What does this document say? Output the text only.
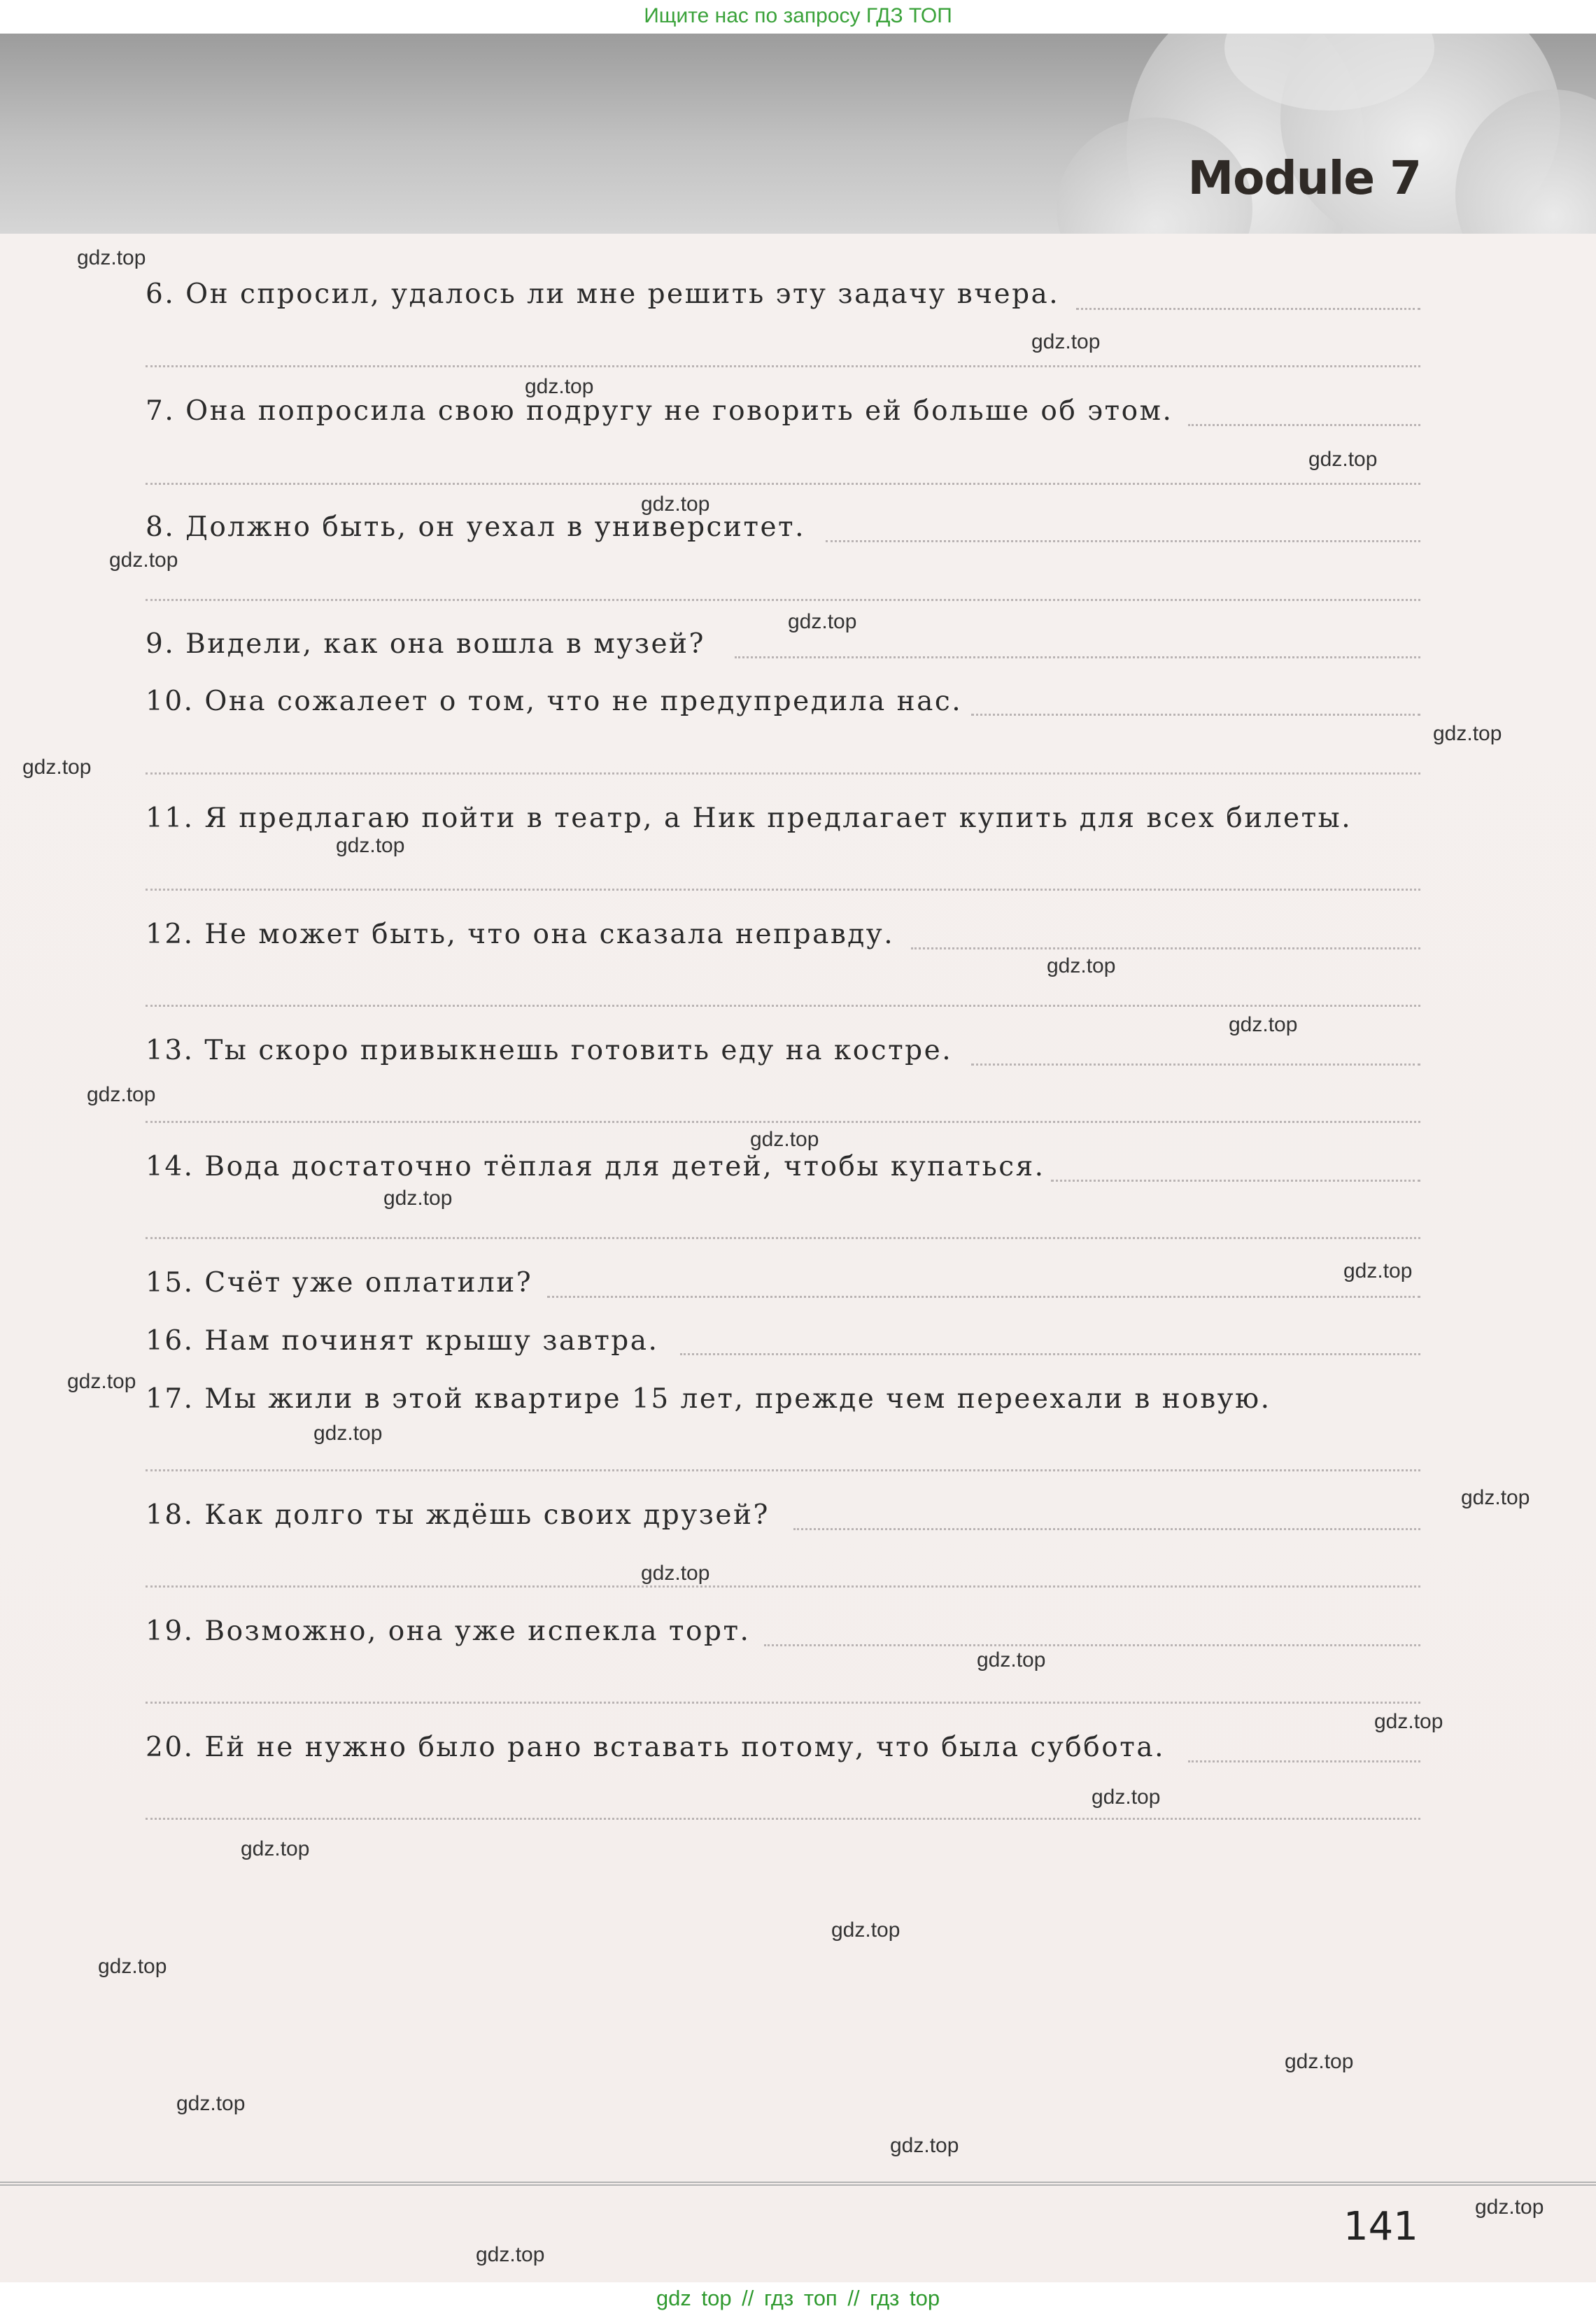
Ищите нас по запросу ГДЗ ТОП
Module 7
6. Он спросил, удалось ли мне решить эту задачу вчера.
7. Она попросила свою подругу не говорить ей больше об этом.
8. Должно быть, он уехал в университет.
9. Видели, как она вошла в музей?
10. Она сожалеет о том, что не предупредила нас.
11. Я предлагаю пойти в театр, а Ник предлагает купить для всех билеты.
12. Не может быть, что она сказала неправду.
13. Ты скоро привыкнешь готовить еду на костре.
14. Вода достаточно тёплая для детей, чтобы купаться.
15. Счёт уже оплатили?
16. Нам починят крышу завтра.
17. Мы жили в этой квартире 15 лет, прежде чем переехали в новую.
18. Как долго ты ждёшь своих друзей?
19. Возможно, она уже испекла торт.
20. Ей не нужно было рано вставать потому, что была суббота.
gdz.top
gdz.top
gdz.top
gdz.top
gdz.top
gdz.top
gdz.top
gdz.top
gdz.top
gdz.top
gdz.top
gdz.top
gdz.top
gdz.top
gdz.top
gdz.top
gdz.top
gdz.top
gdz.top
gdz.top
gdz.top
gdz.top
gdz.top
gdz.top
gdz.top
gdz.top
gdz.top
gdz.top
gdz.top
gdz.top
gdz.top
141
gdz top // гдз топ // гдз top
